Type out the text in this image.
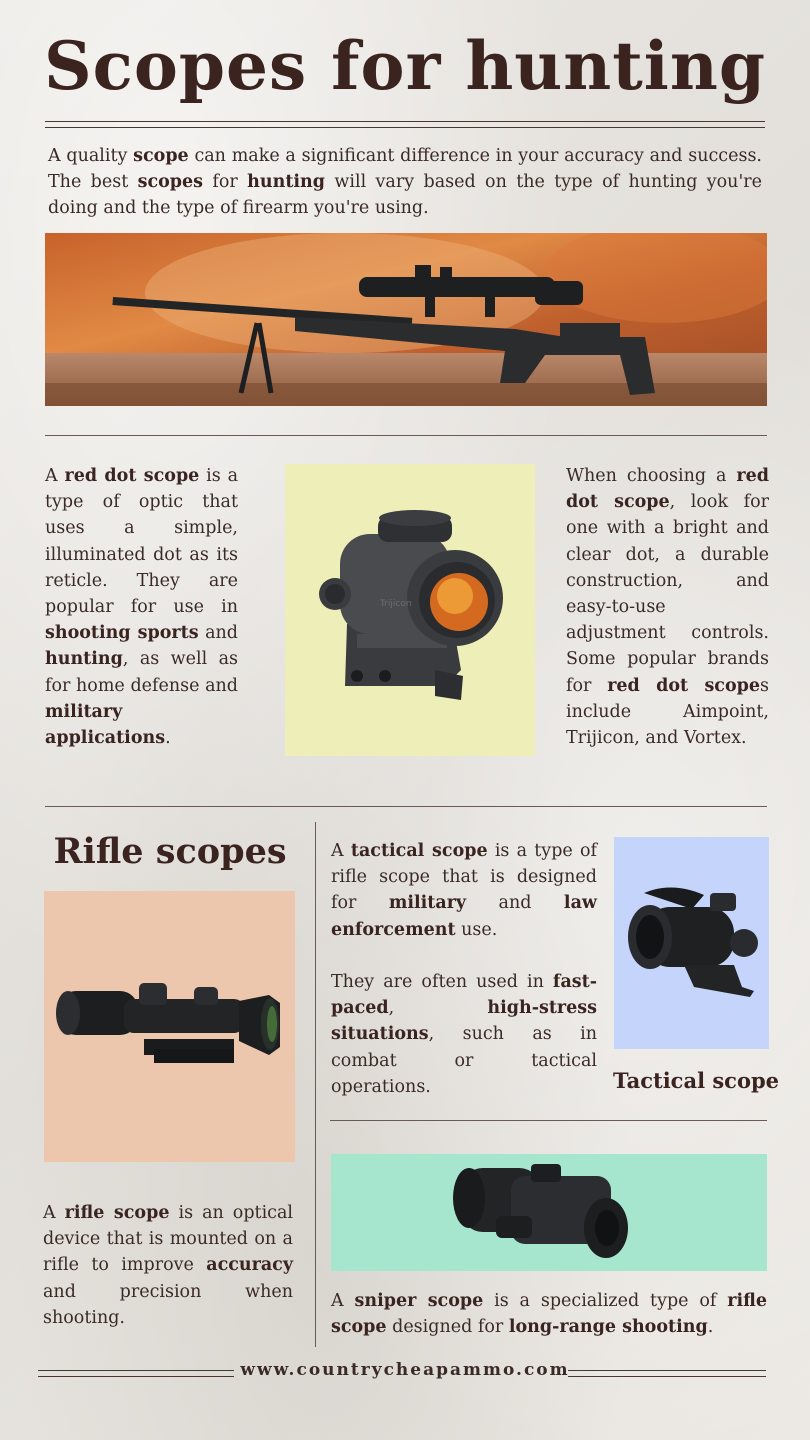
Scopes for hunting

A quality scope can make a significant difference in your accuracy and success. The best scopes for hunting will vary based on the type of hunting you're doing and the type of firearm you're using.

A red dot scope is a type of optic that uses a simple, illuminated dot as its reticle. They are popular for use in shooting sports and hunting, as well as for home defense and military applications.

Trijicon

When choosing a red dot scope, look for one with a bright and clear dot, a durable construction, and easy-to-use adjustment controls. Some popular brands for red dot scopes include Aimpoint, Trijicon, and Vortex.

Rifle scopes

A rifle scope is an optical device that is mounted on a rifle to improve accuracy and precision when shooting.

A tactical scope is a type of rifle scope that is designed for military and law enforcement use.

They are often used in fast-paced, high-stress situations, such as in combat or tactical operations.	Tactical scope

A sniper scope is a specialized type of rifle scope designed for long-range shooting.

www.countrycheapammo.com
